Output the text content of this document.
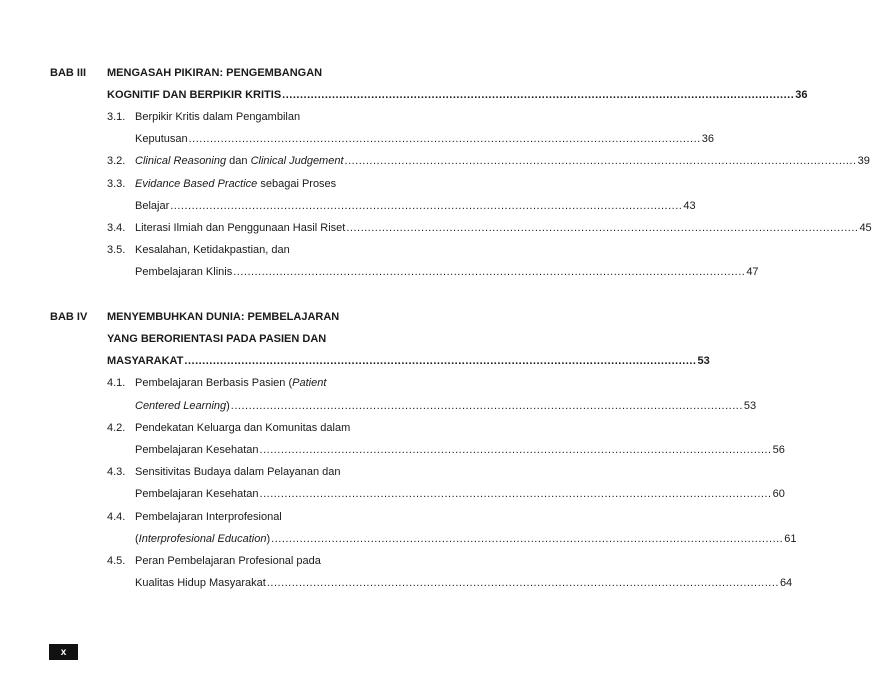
BAB III MENGASAH PIKIRAN: PENGEMBANGAN
KOGNITIF DAN BERPIKIR KRITIS ................................................................................................................................................ 36
3.1. Berpikir Kritis dalam Pengambilan
Keputusan ................................................................................................................................................ 36
3.2. Clinical Reasoning dan Clinical Judgement ................................................................................................................................................ 39
3.3. Evidance Based Practice sebagai Proses
Belajar ................................................................................................................................................ 43
3.4. Literasi Ilmiah dan Penggunaan Hasil Riset ................................................................................................................................................ 45
3.5. Kesalahan, Ketidakpastian, dan
Pembelajaran Klinis ................................................................................................................................................ 47
BAB IV MENYEMBUHKAN DUNIA: PEMBELAJARAN
YANG BERORIENTASI PADA PASIEN DAN
MASYARAKAT ................................................................................................................................................ 53
4.1. Pembelajaran Berbasis Pasien (Patient
Centered Learning) ................................................................................................................................................ 53
4.2. Pendekatan Keluarga dan Komunitas dalam
Pembelajaran Kesehatan ................................................................................................................................................ 56
4.3. Sensitivitas Budaya dalam Pelayanan dan
Pembelajaran Kesehatan ................................................................................................................................................ 60
4.4. Pembelajaran Interprofesional
(Interprofesional Education) ................................................................................................................................................ 61
4.5. Peran Pembelajaran Profesional pada
Kualitas Hidup Masyarakat ................................................................................................................................................ 64
x
